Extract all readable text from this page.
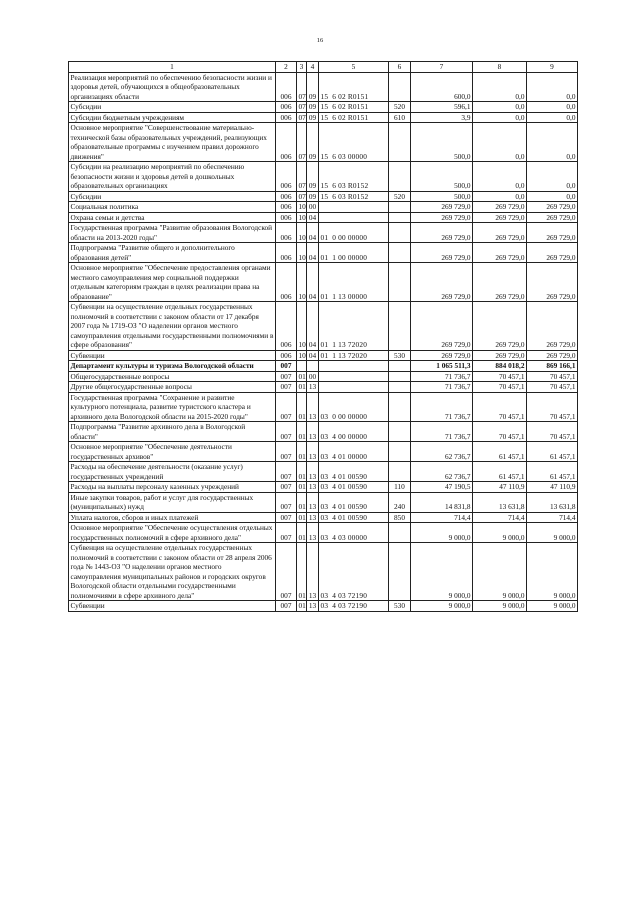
16
1	2	3	4	5	6	7	8	9
Реализация мероприятий по обеспечению безопасности жизни и здоровья детей, обучающихся в общеобразовательных организациях области	006	07	09	15  6 02 R0151		600,0	0,0	0,0
Субсидии	006	07	09	15  6 02 R0151	520	596,1	0,0	0,0
Субсидии бюджетным учреждениям	006	07	09	15  6 02 R0151	610	3,9	0,0	0,0
Основное мероприятие "Совершенствование материально-технической базы образовательных учреждений, реализующих образовательные программы с изучением правил дорожного движения"	006	07	09	15  6 03 00000		500,0	0,0	0,0
Субсидии на реализацию мероприятий по обеспечению безопасности жизни и здоровья детей в дошкольных образовательных организациях	006	07	09	15  6 03 R0152		500,0	0,0	0,0
Субсидии	006	07	09	15  6 03 R0152	520	500,0	0,0	0,0
Социальная политика	006	10	00			269 729,0	269 729,0	269 729,0
Охрана семьи и детства	006	10	04			269 729,0	269 729,0	269 729,0
Государственная программа "Развитие образования Вологодской области на 2013-2020 годы"	006	10	04	01  0 00 00000		269 729,0	269 729,0	269 729,0
Подпрограмма "Развитие общего и дополнительного образования детей"	006	10	04	01  1 00 00000		269 729,0	269 729,0	269 729,0
Основное мероприятие "Обеспечение предоставления органами местного самоуправления мер социальной поддержки отдельным категориям граждан в целях реализации права на образование"	006	10	04	01  1 13 00000		269 729,0	269 729,0	269 729,0
Субвенции на осуществление отдельных государственных полномочий в соответствии с законом области от 17 декабря 2007 года № 1719-ОЗ "О наделении органов местного самоуправления отдельными государственными полномочиями в сфере образования"	006	10	04	01  1 13 72020		269 729,0	269 729,0	269 729,0
Субвенции	006	10	04	01  1 13 72020	530	269 729,0	269 729,0	269 729,0
Департамент культуры и туризма Вологодской области	007					1 065 511,3	884 018,2	869 166,1
Общегосударственные вопросы	007	01	00			71 736,7	70 457,1	70 457,1
Другие общегосударственные вопросы	007	01	13			71 736,7	70 457,1	70 457,1
Государственная программа "Сохранение и развитие культурного потенциала, развитие туристского кластера и архивного дела Вологодской области на 2015-2020 годы"	007	01	13	03  0 00 00000		71 736,7	70 457,1	70 457,1
Подпрограмма "Развитие архивного дела в Вологодской области"	007	01	13	03  4 00 00000		71 736,7	70 457,1	70 457,1
Основное мероприятие "Обеспечение деятельности государственных архивов"	007	01	13	03  4 01 00000		62 736,7	61 457,1	61 457,1
Расходы на обеспечение деятельности (оказание услуг) государственных учреждений	007	01	13	03  4 01 00590		62 736,7	61 457,1	61 457,1
Расходы на выплаты персоналу казенных учреждений	007	01	13	03  4 01 00590	110	47 190,5	47 110,9	47 110,9
Иные закупки товаров, работ и услуг для государственных (муниципальных) нужд	007	01	13	03  4 01 00590	240	14 831,8	13 631,8	13 631,8
Уплата налогов, сборов и иных платежей	007	01	13	03  4 01 00590	850	714,4	714,4	714,4
Основное мероприятие "Обеспечение осуществления отдельных государственных полномочий в сфере архивного дела"	007	01	13	03  4 03 00000		9 000,0	9 000,0	9 000,0
Субвенция на осуществление отдельных государственных полномочий в соответствии с законом области от 28 апреля 2006 года № 1443-ОЗ "О наделении органов местного самоуправления муниципальных районов и городских округов Вологодской области отдельными государственными полномочиями в сфере архивного дела"	007	01	13	03  4 03 72190		9 000,0	9 000,0	9 000,0
Субвенции	007	01	13	03  4 03 72190	530	9 000,0	9 000,0	9 000,0
